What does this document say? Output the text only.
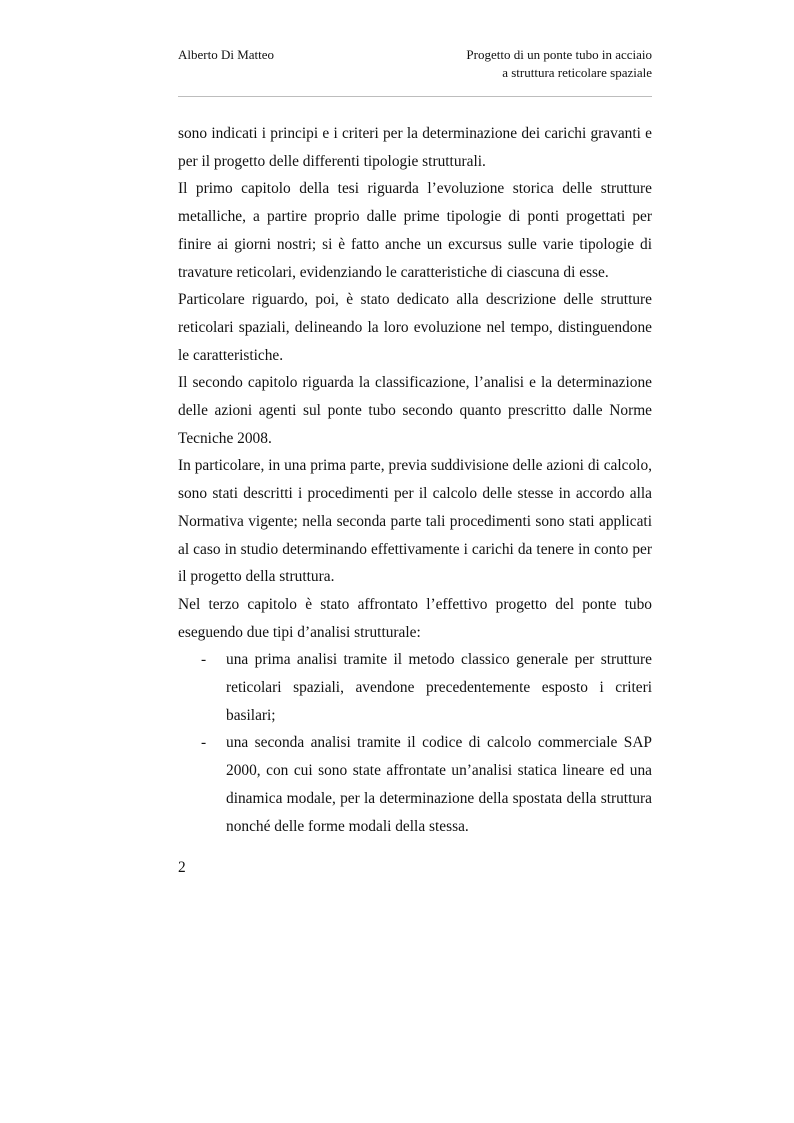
Alberto Di Matteo	Progetto di un ponte tubo in acciaio
a struttura reticolare spaziale

sono indicati i principi e i criteri per la determinazione dei carichi gravanti e per il progetto delle differenti tipologie strutturali.

Il primo capitolo della tesi riguarda l’evoluzione storica delle strutture metalliche, a partire proprio dalle prime tipologie di ponti progettati per finire ai giorni nostri; si è fatto anche un excursus sulle varie tipologie di travature reticolari, evidenziando le caratteristiche di ciascuna di esse.

Particolare riguardo, poi, è stato dedicato alla descrizione delle strutture reticolari spaziali, delineando la loro evoluzione nel tempo, distinguendone le caratteristiche.

Il secondo capitolo riguarda la classificazione, l’analisi e la determinazione delle azioni agenti sul ponte tubo secondo quanto prescritto dalle Norme Tecniche 2008.

In particolare, in una prima parte, previa suddivisione delle azioni di calcolo, sono stati descritti i procedimenti per il calcolo delle stesse in accordo alla Normativa vigente; nella seconda parte tali procedimenti sono stati applicati al caso in studio determinando effettivamente i carichi da tenere in conto per il progetto della struttura.

Nel terzo capitolo è stato affrontato l’effettivo progetto del ponte tubo eseguendo due tipi d’analisi strutturale:

- una prima analisi tramite il metodo classico generale per strutture reticolari spaziali, avendone precedentemente esposto i criteri basilari;
- una seconda analisi tramite il codice di calcolo commerciale SAP 2000, con cui sono state affrontate un’analisi statica lineare ed una dinamica modale, per la determinazione della spostata della struttura nonché delle forme modali della stessa.
2
